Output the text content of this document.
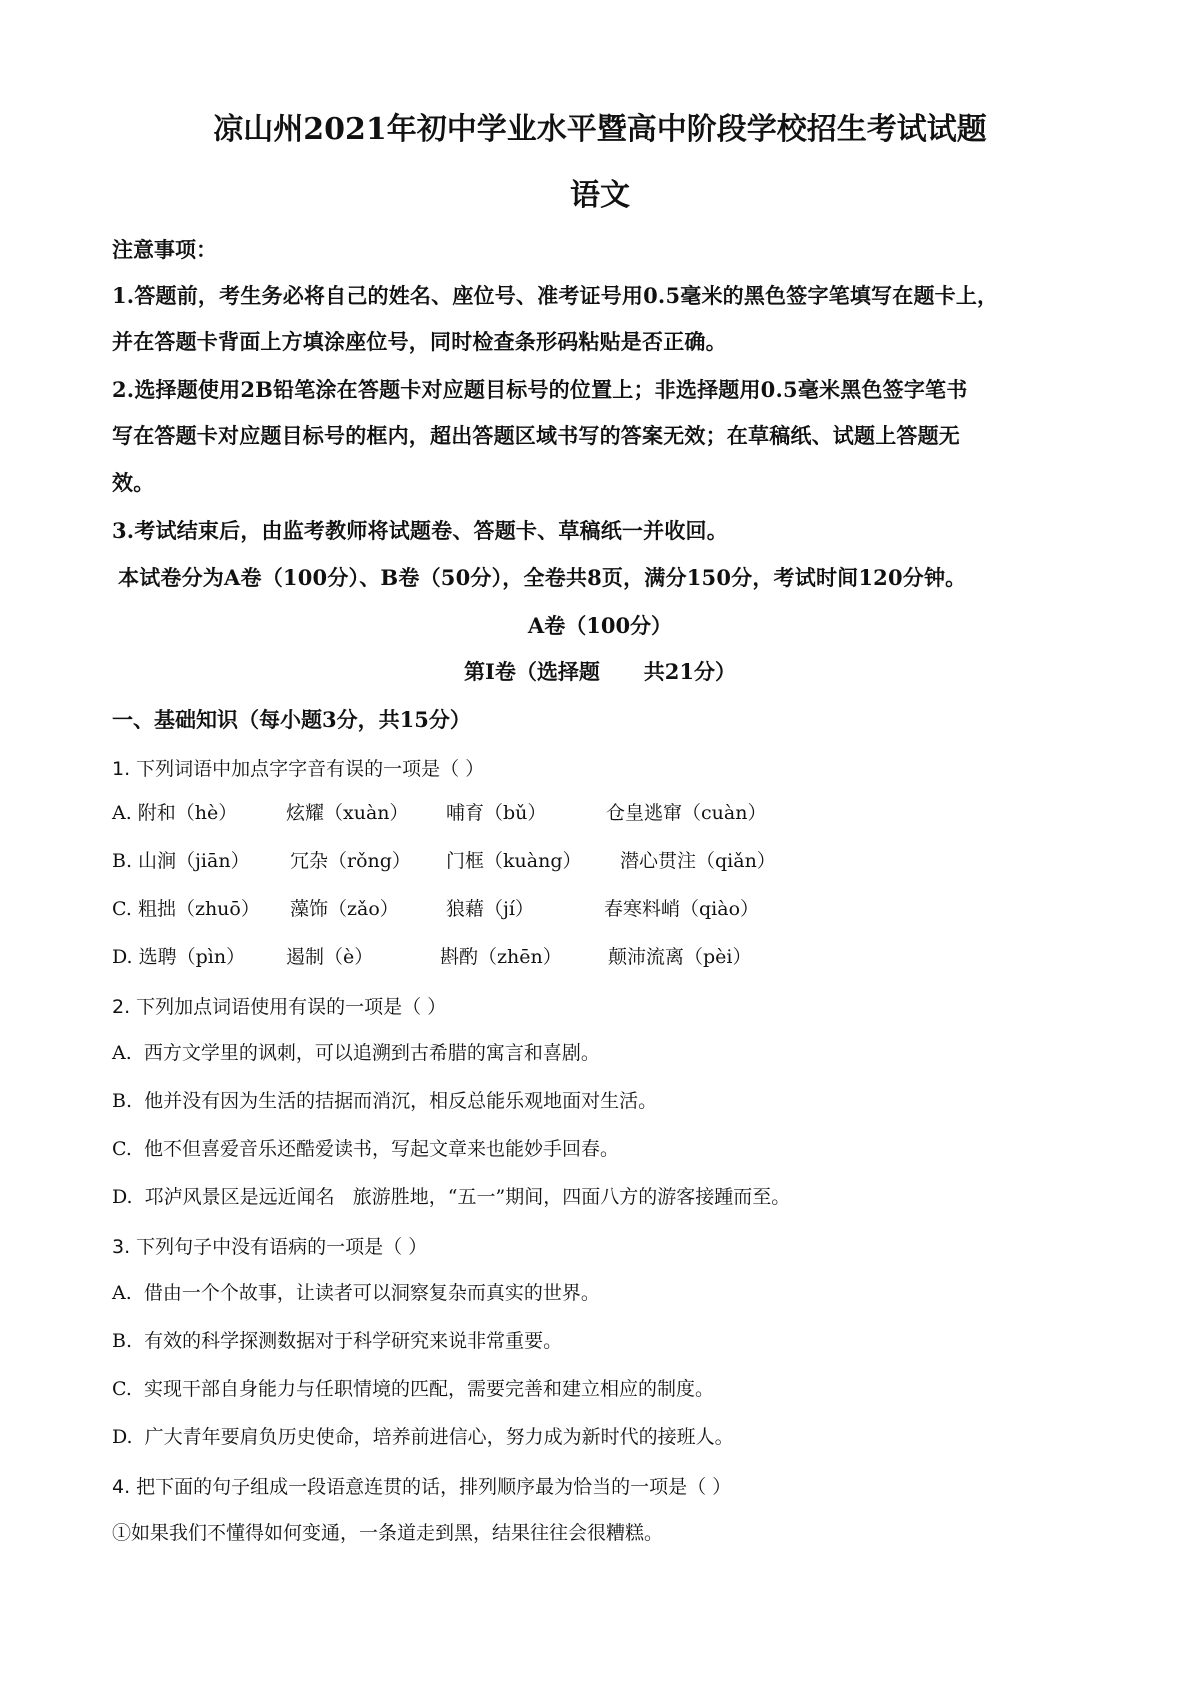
凉山州2021年初中学业水平暨高中阶段学校招生考试试题
语文
注意事项：
1.答题前，考生务必将自己的姓名、座位号、准考证号用0.5毫米的黑色签字笔填写在题卡上，
并在答题卡背面上方填涂座位号，同时检查条形码粘贴是否正确。
2.选择题使用2B铅笔涂在答题卡对应题目标号的位置上；非选择题用0.5毫米黑色签字笔书
写在答题卡对应题目标号的框内，超出答题区域书写的答案无效；在草稿纸、试题上答题无
效。
3.考试结束后，由监考教师将试题卷、答题卡、草稿纸一并收回。
本试卷分为A卷（100分）、B卷（50分），全卷共8页，满分150分，考试时间120分钟。
A卷（100分）
第Ⅰ卷（选择题      共21分）
一、基础知识（每小题3分，共15分）
1. 下列词语中加点字字音有误的一项是（ ）
A. 附和（hè）	炫耀（xuàn） 哺育（bǔ）	仓皇逃窜（cuàn）
B. 山涧（jiān） 冗杂（rǒng） 门框（kuàng） 潜心贯注（qiǎn）
C. 粗拙（zhuō） 藻饰（zǎo） 狼藉（jí）	春寒料峭（qiào）
D. 选聘（pìn） 遏制（è）	斟酌（zhēn） 颠沛流离（pèi）
2. 下列加点词语使用有误的一项是（ ）
A.  西方文学里的讽刺，可以追溯到古希腊的寓言和喜剧。
B.  他并没有因为生活的拮据而消沉，相反总能乐观地面对生活。
C.  他不但喜爱音乐还酷爱读书，写起文章来也能妙手回春。
D.  邛泸风景区是远近闻名   旅游胜地，“五一”期间，四面八方的游客接踵而至。
3. 下列句子中没有语病的一项是（ ）
A.  借由一个个故事，让读者可以洞察复杂而真实的世界。
B.  有效的科学探测数据对于科学研究来说非常重要。
C.  实现干部自身能力与任职情境的匹配，需要完善和建立相应的制度。
D.  广大青年要肩负历史使命，培养前进信心，努力成为新时代的接班人。
4. 把下面的句子组成一段语意连贯的话，排列顺序最为恰当的一项是（ ）
①如果我们不懂得如何变通，一条道走到黑，结果往往会很糟糕。
